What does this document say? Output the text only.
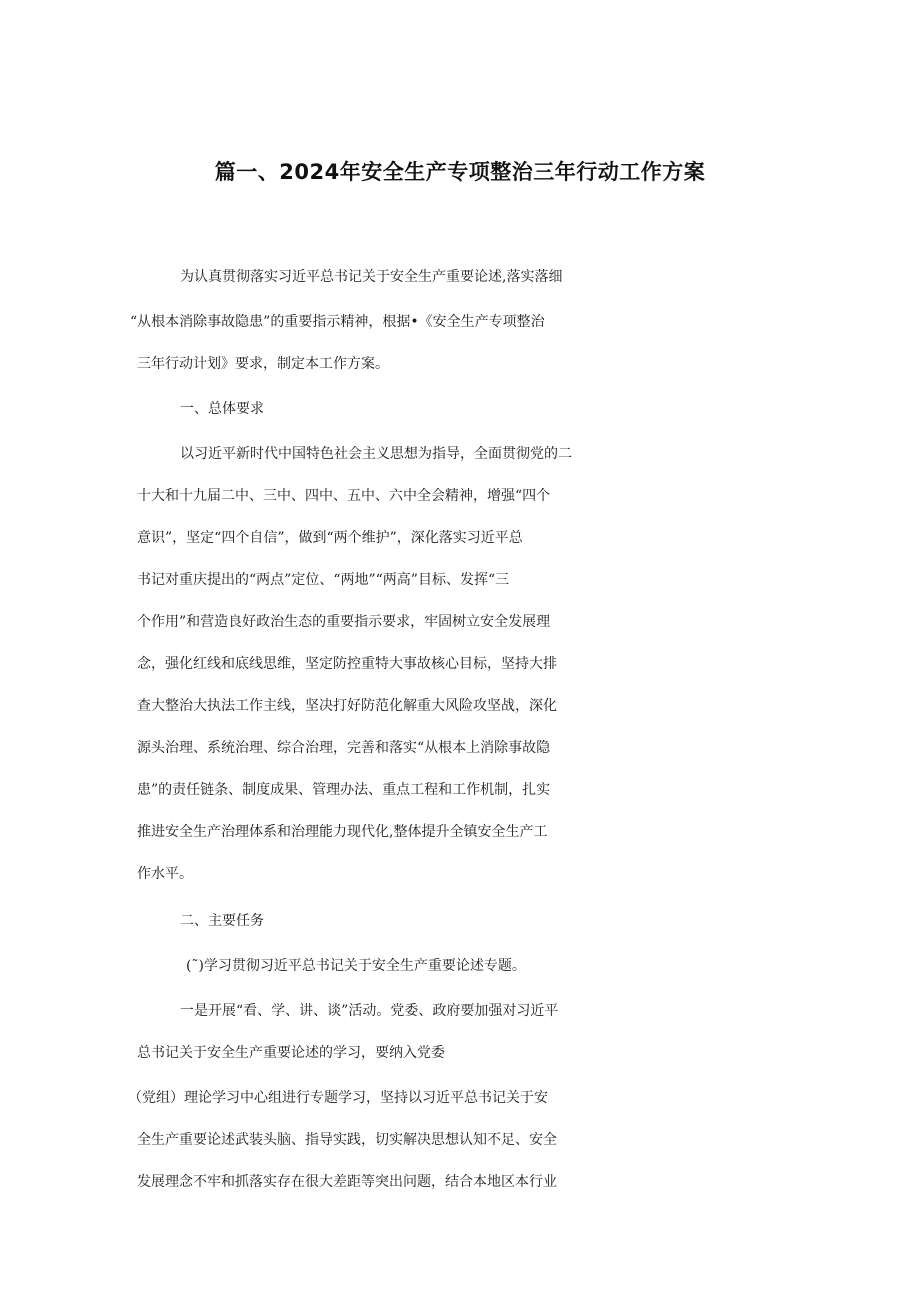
篇一、2024年安全生产专项整治三年行动工作方案
为认真贯彻落实习近平总书记关于安全生产重要论述,落实落细
“从根本消除事故隐患”的重要指示精神，根据•《安全生产专项整治
三年行动计划》要求，制定本工作方案。
一、总体要求
以习近平新时代中国特色社会主义思想为指导，全面贯彻党的二
十大和十九届二中、三中、四中、五中、六中全会精神，增强“四个
意识”，坚定“四个自信”，做到“两个维护”，深化落实习近平总
书记对重庆提出的“两点”定位、“两地”“两高”目标、发挥“三
个作用”和营造良好政治生态的重要指示要求，牢固树立安全发展理
念，强化红线和底线思维，坚定防控重特大事故核心目标，坚持大排
查大整治大执法工作主线，坚决打好防范化解重大风险攻坚战，深化
源头治理、系统治理、综合治理，完善和落实“从根本上消除事故隐
患”的责任链条、制度成果、管理办法、重点工程和工作机制，扎实
推进安全生产治理体系和治理能力现代化,整体提升全镇安全生产工
作水平。
二、主要任务
(˜)学习贯彻习近平总书记关于安全生产重要论述专题。
一是开展“看、学、讲、谈”活动。党委、政府要加强对习近平
总书记关于安全生产重要论述的学习，要纳入党委
（党组）理论学习中心组进行专题学习，坚持以习近平总书记关于安
全生产重要论述武装头脑、指导实践，切实解决思想认知不足、安全
发展理念不牢和抓落实存在很大差距等突出问题，结合本地区本行业
